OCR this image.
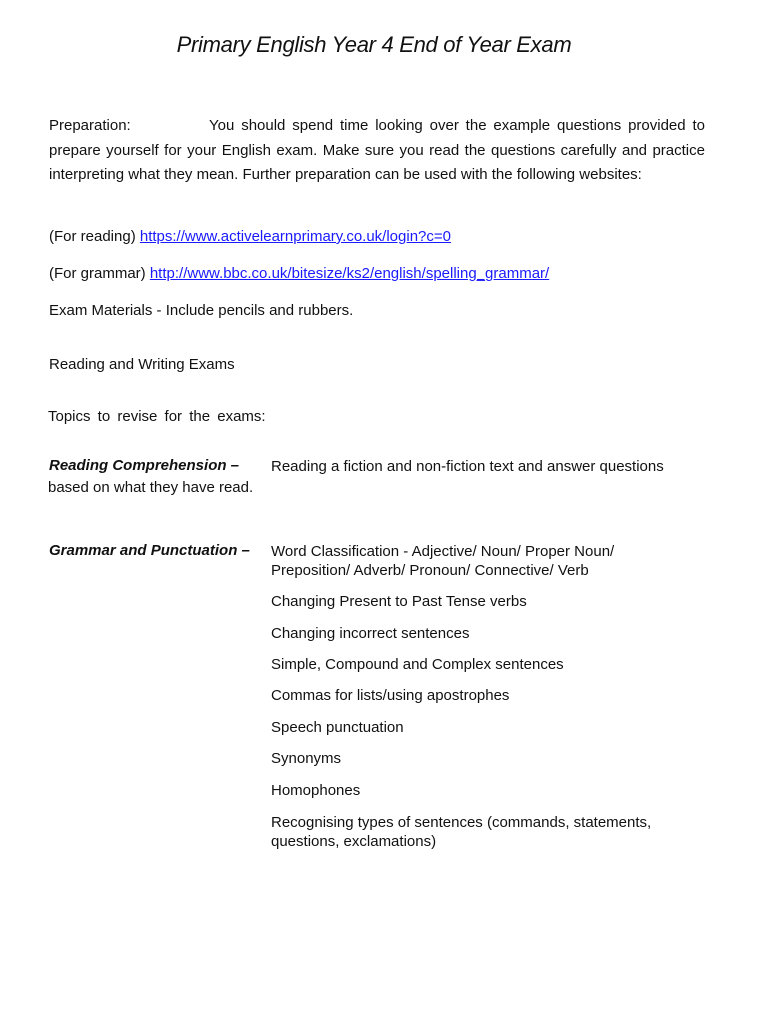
Primary English Year 4 End of Year Exam
Preparation:	You should spend time looking over the example questions provided to prepare yourself for your English exam. Make sure you read the questions carefully and practice interpreting what they mean. Further preparation can be used with the following websites:
(For reading) https://www.activelearnprimary.co.uk/login?c=0
(For grammar) http://www.bbc.co.uk/bitesize/ks2/english/spelling_grammar/
Exam Materials - Include pencils and rubbers.
Reading and Writing Exams
Topics to revise for the exams:
Reading Comprehension – Reading a fiction and non-fiction text and answer questions
based on what they have read.
Grammar and Punctuation – Word Classification - Adjective/ Noun/ Proper Noun/ Preposition/ Adverb/ Pronoun/ Connective/ Verb
Changing Present to Past Tense verbs
Changing incorrect sentences
Simple, Compound and Complex sentences
Commas for lists/using apostrophes
Speech punctuation
Synonyms
Homophones
Recognising types of sentences (commands, statements, questions, exclamations)
